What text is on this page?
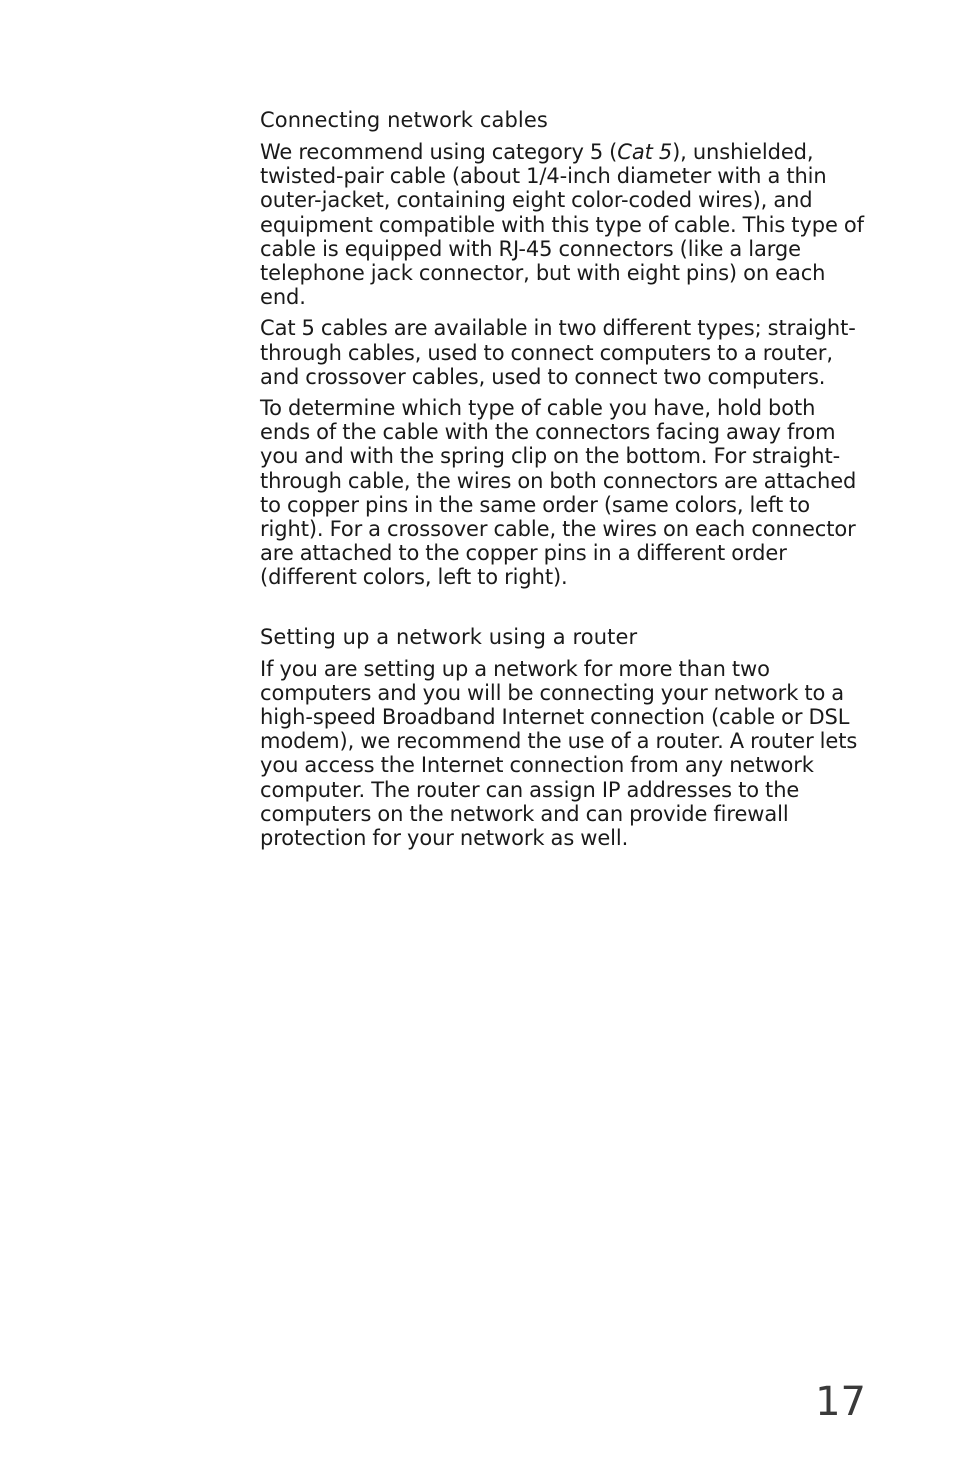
Connecting network cables

We recommend using category 5 (Cat 5), unshielded, twisted-pair cable (about 1/4-inch diameter with a thin outer-jacket, containing eight color-coded wires), and equipment compatible with this type of cable. This type of cable is equipped with RJ-45 connectors (like a large telephone jack connector, but with eight pins) on each end.

Cat 5 cables are available in two different types; straight-through cables, used to connect computers to a router, and crossover cables, used to connect two computers.

To determine which type of cable you have, hold both ends of the cable with the connectors facing away from you and with the spring clip on the bottom. For straight-through cable, the wires on both connectors are attached to copper pins in the same order (same colors, left to right). For a crossover cable, the wires on each connector are attached to the copper pins in a different order (different colors, left to right).

Setting up a network using a router

If you are setting up a network for more than two computers and you will be connecting your network to a high-speed Broadband Internet connection (cable or DSL modem), we recommend the use of a router. A router lets you access the Internet connection from any network computer. The router can assign IP addresses to the computers on the network and can provide firewall protection for your network as well.

17
